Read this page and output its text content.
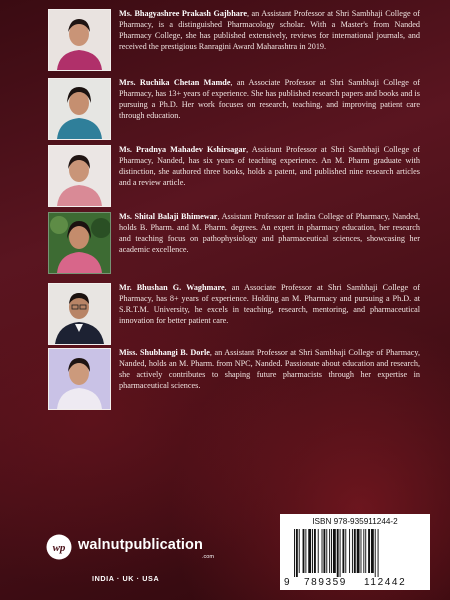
Ms. Bhagyashree Prakash Gajbhare, an Assistant Professor at Shri Sambhaji College of Pharmacy, is a distinguished Pharmacology scholar. With a Master's from Nanded Pharmacy College, she has published extensively, reviews for international journals, and received the prestigious Ranragini Award Maharashtra in 2019.
Mrs. Ruchika Chetan Mamde, an Associate Professor at Shri Sambhaji College of Pharmacy, has 13+ years of experience. She has published research papers and books and is pursuing a Ph.D. Her work focuses on research, teaching, and improving patient care through education.
Ms. Pradnya Mahadev Kshirsagar, Assistant Professor at Shri Sambhaji College of Pharmacy, Nanded, has six years of teaching experience. An M. Pharm graduate with distinction, she authored three books, holds a patent, and published nine research articles and a review article.
Ms. Shital Balaji Bhimewar, Assistant Professor at Indira College of Pharmacy, Nanded, holds B. Pharm. and M. Pharm. degrees. An expert in pharmacy education, her research and teaching focus on pathophysiology and pharmaceutical sciences, showcasing her academic excellence.
Mr. Bhushan G. Waghmare, an Associate Professor at Shri Sambhaji College of Pharmacy, has 8+ years of experience. Holding an M. Pharmacy and pursuing a Ph.D. at S.R.T.M. University, he excels in teaching, research, mentoring, and pharmaceutical innovation for better patient care.
Miss. Shubhangi B. Dorle, an Assistant Professor at Shri Sambhaji College of Pharmacy, Nanded, holds an M. Pharm. from NPC, Nanded. Passionate about education and research, she actively contributes to shaping future pharmacists through her expertise in pharmaceutical sciences.
wp walnutpublication
.com
INDIA · UK · USA
ISBN 978-935911244-2
9 789359 112442
